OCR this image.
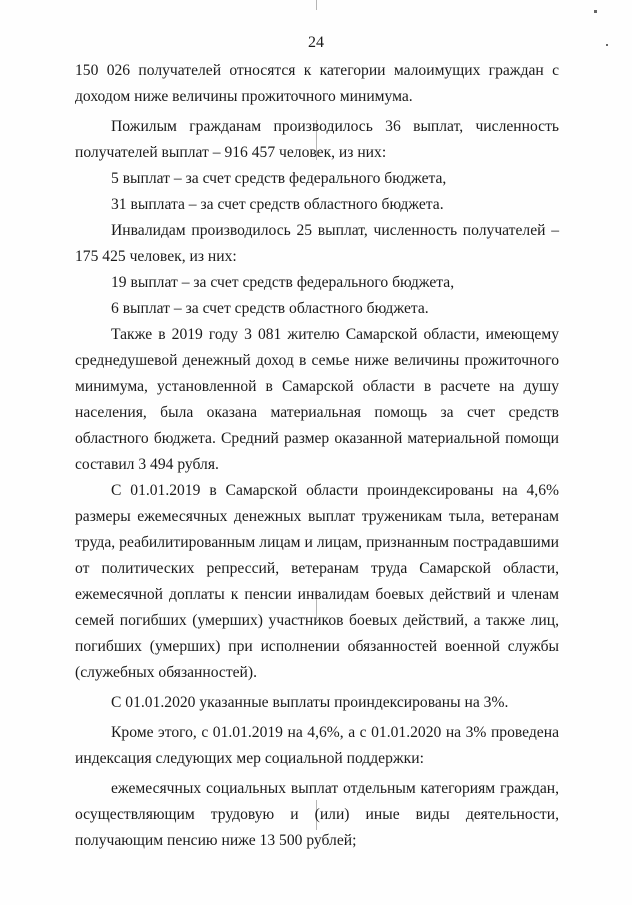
24

150 026 получателей относятся к категории малоимущих граждан с доходом ниже величины прожиточного минимума.

Пожилым гражданам производилось 36 выплат, численность получателей выплат – 916 457 человек, из них:

5 выплат – за счет средств федерального бюджета,

31 выплата – за счет средств областного бюджета.

Инвалидам производилось 25 выплат, численность получателей – 175 425 человек, из них:

19 выплат – за счет средств федерального бюджета,

6 выплат – за счет средств областного бюджета.

Также в 2019 году 3 081 жителю Самарской области, имеющему среднедушевой денежный доход в семье ниже величины прожиточного минимума, установленной в Самарской области в расчете на душу населения, была оказана материальная помощь за счет средств областного бюджета. Средний размер оказанной материальной помощи составил 3 494 рубля.

С 01.01.2019 в Самарской области проиндексированы на 4,6% размеры ежемесячных денежных выплат труженикам тыла, ветеранам труда, реабилитированным лицам и лицам, признанным пострадавшими от политических репрессий, ветеранам труда Самарской области, ежемесячной доплаты к пенсии инвалидам боевых действий и членам семей погибших (умерших) участников боевых действий, а также лиц, погибших (умерших) при исполнении обязанностей военной службы (служебных обязанностей).

С 01.01.2020 указанные выплаты проиндексированы на 3%.

Кроме этого, с 01.01.2019 на 4,6%, а с 01.01.2020 на 3% проведена индексация следующих мер социальной поддержки:

ежемесячных социальных выплат отдельным категориям граждан, осуществляющим трудовую и (или) иные виды деятельности, получающим пенсию ниже 13 500 рублей;
